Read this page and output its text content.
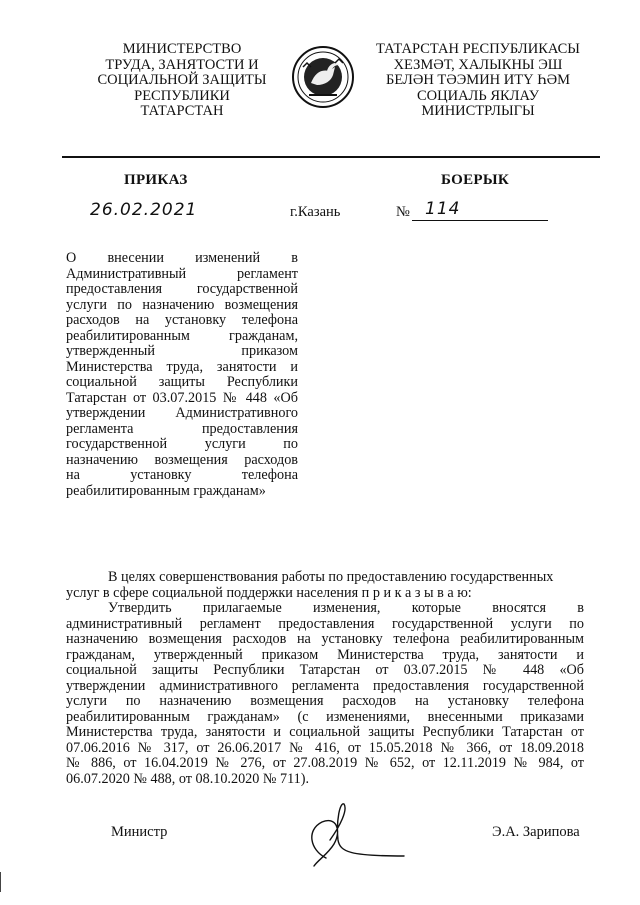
МИНИСТЕРСТВО
ТРУДА, ЗАНЯТОСТИ И
СОЦИАЛЬНОЙ ЗАЩИТЫ
РЕСПУБЛИКИ
ТАТАРСТАН
ТАТАРСТАН РЕСПУБЛИКАСЫ
ХЕЗМӘТ, ХАЛЫКНЫ ЭШ
БЕЛӘН ТӘЭМИН ИТҮ ҺӘМ
СОЦИАЛЬ ЯКЛАУ
МИНИСТРЛЫГЫ
ПРИКАЗ	БОЕРЫК
26.02.2021	г.Казань	№ 114
О внесении изменений в
Административный регламент
предоставления государственной
услуги по назначению возмещения
расходов на установку телефона
реабилитированным гражданам,
утвержденный приказом
Министерства труда, занятости и
социальной защиты Республики
Татарстан от 03.07.2015 № 448 «Об
утверждении Административного
регламента предоставления
государственной услуги по
назначению возмещения расходов
на установку телефона
реабилитированным гражданам»
В целях совершенствования работы по предоставлению государственных
услуг в сфере социальной поддержки населения п р и к а з ы в а ю:
Утвердить прилагаемые изменения, которые вносятся в
административный регламент предоставления государственной услуги по
назначению возмещения расходов на установку телефона реабилитированным
гражданам, утвержденный приказом Министерства труда, занятости и
социальной защиты Республики Татарстан от 03.07.2015 № 448 «Об
утверждении административного регламента предоставления государственной
услуги по назначению возмещения расходов на установку телефона
реабилитированным гражданам» (с изменениями, внесенными приказами
Министерства труда, занятости и социальной защиты Республики Татарстан от
07.06.2016 № 317, от 26.06.2017 № 416, от 15.05.2018 № 366, от 18.09.2018
№ 886, от 16.04.2019 № 276, от 27.08.2019 № 652, от 12.11.2019 № 984, от
06.07.2020 № 488, от 08.10.2020 № 711).
Министр	Э.А. Зарипова
